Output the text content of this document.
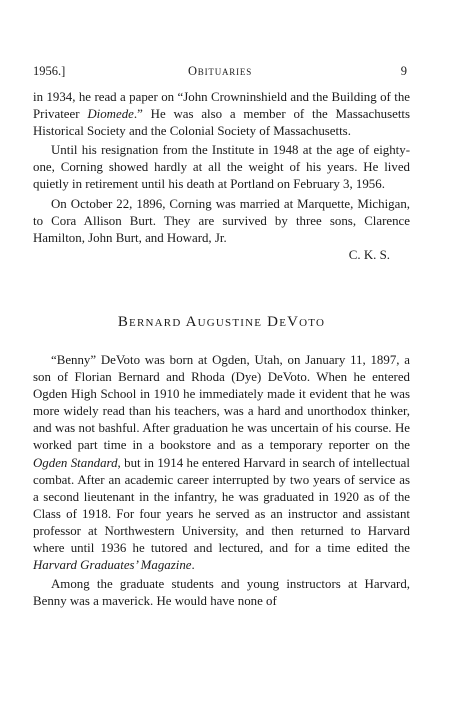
1956.]	Obituaries	9

in 1934, he read a paper on “John Crowninshield and the Building of the Privateer Diomede.” He was also a member of the Massachusetts Historical Society and the Colonial Society of Massachusetts.

Until his resignation from the Institute in 1948 at the age of eighty-one, Corning showed hardly at all the weight of his years. He lived quietly in retirement until his death at Portland on February 3, 1956.

On October 22, 1896, Corning was married at Marquette, Michigan, to Cora Allison Burt. They are survived by three sons, Clarence Hamilton, John Burt, and Howard, Jr.

C. K. S.

Bernard Augustine DeVoto

“Benny” DeVoto was born at Ogden, Utah, on January 11, 1897, a son of Florian Bernard and Rhoda (Dye) DeVoto. When he entered Ogden High School in 1910 he immediately made it evident that he was more widely read than his teachers, was a hard and unorthodox thinker, and was not bashful. After graduation he was uncertain of his course. He worked part time in a bookstore and as a temporary reporter on the Ogden Standard, but in 1914 he entered Harvard in search of intellectual combat. After an academic career interrupted by two years of service as a second lieutenant in the infantry, he was graduated in 1920 as of the Class of 1918. For four years he served as an instructor and assistant professor at Northwestern University, and then returned to Harvard where until 1936 he tutored and lectured, and for a time edited the Harvard Graduates’ Magazine.

Among the graduate students and young instructors at Harvard, Benny was a maverick. He would have none of
